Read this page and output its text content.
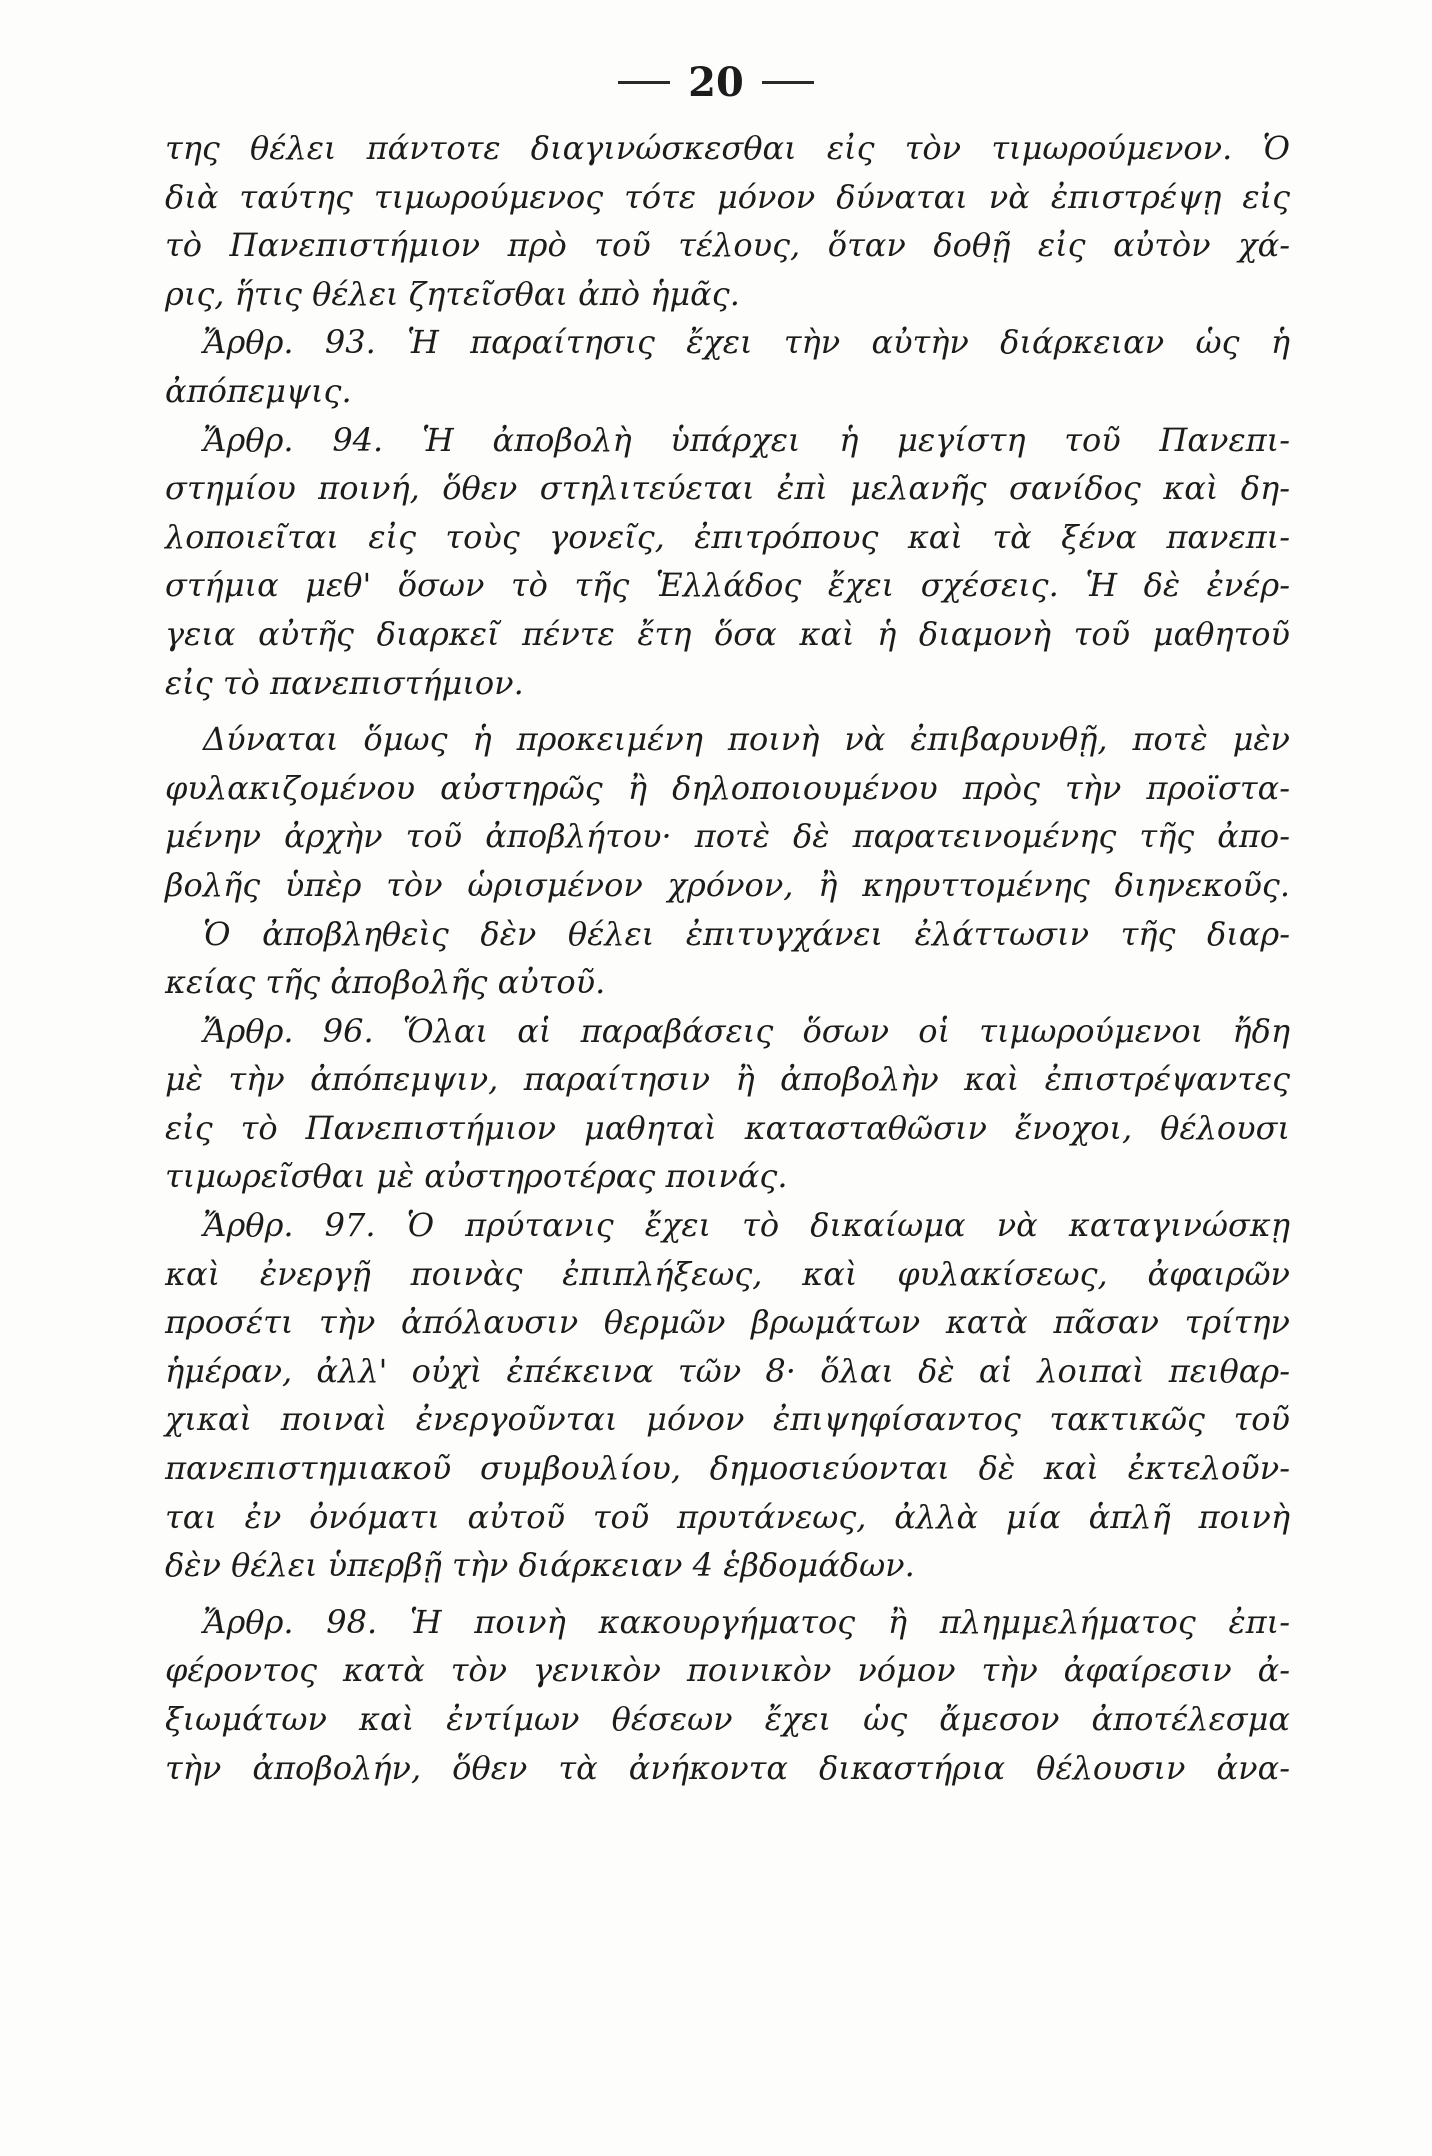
20
της θέλει πάντοτε διαγινώσκεσθαι εἰς τὸν τιμωρούμενον. Ὁ
διὰ ταύτης τιμωρούμενος τότε μόνον δύναται νὰ ἐπιστρέψῃ εἰς
τὸ Πανεπιστήμιον πρὸ τοῦ τέλους, ὅταν δοθῇ εἰς αὐτὸν χά-
ρις, ἥτις θέλει ζητεῖσθαι ἀπὸ ἡμᾶς.
Ἄρθρ. 93. Ἡ παραίτησις ἔχει τὴν αὐτὴν διάρκειαν ὡς ἡ
ἀπόπεμψις.
Ἄρθρ. 94. Ἡ ἀποβολὴ ὑπάρχει ἡ μεγίστη τοῦ Πανεπι-
στημίου ποινή, ὅθεν στηλιτεύεται ἐπὶ μελανῆς σανίδος καὶ δη-
λοποιεῖται εἰς τοὺς γονεῖς, ἐπιτρόπους καὶ τὰ ξένα πανεπι-
στήμια μεθ' ὅσων τὸ τῆς Ἑλλάδος ἔχει σχέσεις. Ἡ δὲ ἐνέρ-
γεια αὐτῆς διαρκεῖ πέντε ἔτη ὅσα καὶ ἡ διαμονὴ τοῦ μαθητοῦ
εἰς τὸ πανεπιστήμιον.
Δύναται ὅμως ἡ προκειμένη ποινὴ νὰ ἐπιβαρυνθῇ, ποτὲ μὲν
φυλακιζομένου αὐστηρῶς ἢ δηλοποιουμένου πρὸς τὴν προϊστα-
μένην ἀρχὴν τοῦ ἀποβλήτου· ποτὲ δὲ παρατεινομένης τῆς ἀπο-
βολῆς ὑπὲρ τὸν ὡρισμένον χρόνον, ἢ κηρυττομένης διηνεκοῦς.
Ὁ ἀποβληθεὶς δὲν θέλει ἐπιτυγχάνει ἐλάττωσιν τῆς διαρ-
κείας τῆς ἀποβολῆς αὐτοῦ.
Ἄρθρ. 96. Ὅλαι αἱ παραβάσεις ὅσων οἱ τιμωρούμενοι ἤδη
μὲ τὴν ἀπόπεμψιν, παραίτησιν ἢ ἀποβολὴν καὶ ἐπιστρέψαντες
εἰς τὸ Πανεπιστήμιον μαθηταὶ κατασταθῶσιν ἔνοχοι, θέλουσι
τιμωρεῖσθαι μὲ αὐστηροτέρας ποινάς.
Ἄρθρ. 97. Ὁ πρύτανις ἔχει τὸ δικαίωμα νὰ καταγινώσκῃ
καὶ ἐνεργῇ ποινὰς ἐπιπλήξεως, καὶ φυλακίσεως, ἀφαιρῶν
προσέτι τὴν ἀπόλαυσιν θερμῶν βρωμάτων κατὰ πᾶσαν τρίτην
ἡμέραν, ἀλλ' οὐχὶ ἐπέκεινα τῶν 8· ὅλαι δὲ αἱ λοιπαὶ πειθαρ-
χικαὶ ποιναὶ ἐνεργοῦνται μόνον ἐπιψηφίσαντος τακτικῶς τοῦ
πανεπιστημιακοῦ συμβουλίου, δημοσιεύονται δὲ καὶ ἐκτελοῦν-
ται ἐν ὀνόματι αὐτοῦ τοῦ πρυτάνεως, ἀλλὰ μία ἁπλῆ ποινὴ
δὲν θέλει ὑπερβῇ τὴν διάρκειαν 4 ἑβδομάδων.
Ἄρθρ. 98. Ἡ ποινὴ κακουργήματος ἢ πλημμελήματος ἐπι-
φέροντος κατὰ τὸν γενικὸν ποινικὸν νόμον τὴν ἀφαίρεσιν ἀ-
ξιωμάτων καὶ ἐντίμων θέσεων ἔχει ὡς ἄμεσον ἀποτέλεσμα
τὴν ἀποβολήν, ὅθεν τὰ ἀνήκοντα δικαστήρια θέλουσιν ἀνα-
